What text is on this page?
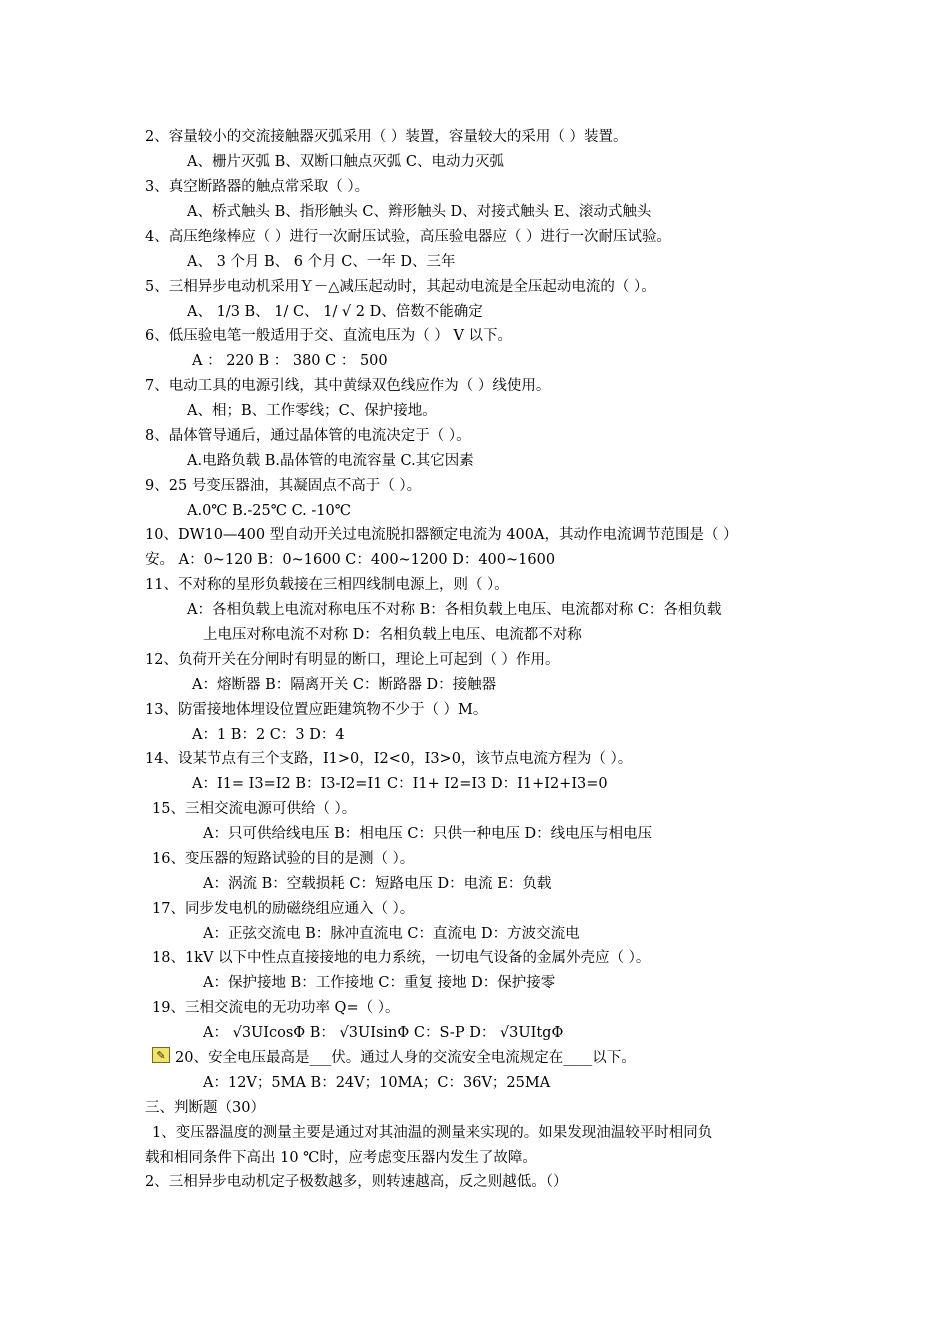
2、容量较小的交流接触器灭弧采用（ ）装置，容量较大的采用（ ）装置。
A、栅片灭弧 B、双断口触点灭弧 C、电动力灭弧
3、真空断路器的触点常采取（ ）。
A、桥式触头 B、指形触头 C、辫形触头 D、对接式触头 E、滚动式触头
4、高压绝缘棒应（ ）进行一次耐压试验，高压验电器应（ ）进行一次耐压试验。
A、 3 个月 B、 6 个月 C、一年 D、三年
5、三相异步电动机采用Ｙ－△减压起动时，其起动电流是全压起动电流的（ ）。
A、 1/3 B、 1/ C、 1/ √ 2 D、倍数不能确定
6、低压验电笔一般适用于交、直流电压为（ ） V 以下。
A ： 220 B ： 380 C ： 500
7、电动工具的电源引线，其中黄绿双色线应作为（ ）线使用。
A、相；B、工作零线；C、保护接地。
8、晶体管导通后，通过晶体管的电流决定于（ ）。
A.电路负载 B.晶体管的电流容量 C.其它因素
9、25 号变压器油，其凝固点不高于（ ）。
A.0℃ B.-25℃ C. -10℃
10、DW10—400 型自动开关过电流脱扣器额定电流为 400A，其动作电流调节范围是（ ）
安。 A：0~120 B：0~1600 C：400~1200 D：400~1600
11、不对称的星形负载接在三相四线制电源上，则（ ）。
A：各相负载上电流对称电压不对称 B：各相负载上电压、电流都对称 C：各相负载
上电压对称电流不对称 D：名相负载上电压、电流都不对称
12、负荷开关在分闸时有明显的断口，理论上可起到（ ）作用。
A：熔断器 B：隔离开关 C：断路器 D：接触器
13、防雷接地体埋设位置应距建筑物不少于（ ）M。
A：1 B：2 C：3 D：4
14、设某节点有三个支路，I1>0，I2<0，I3>0，该节点电流方程为（ ）。
A：I1= I3=I2 B：I3-I2=I1 C：I1+ I2=I3 D：I1+I2+I3=0
15、三相交流电源可供给（ ）。
A：只可供给线电压 B：相电压 C：只供一种电压 D：线电压与相电压
16、变压器的短路试验的目的是测（ ）。
A：涡流 B：空载损耗 C：短路电压 D：电流 E：负载
17、同步发电机的励磁绕组应通入（ ）。
A：正弦交流电 B：脉冲直流电 C：直流电 D：方波交流电
18、1kV 以下中性点直接接地的电力系统，一切电气设备的金属外壳应（ ）。
A：保护接地 B：工作接地 C：重复 接地 D：保护接零
19、三相交流电的无功功率 Q=（ ）。
A： √3UIcosΦ B： √3UIsinΦ C：S-P D： √3UItgΦ
✎ 20、安全电压最高是___伏。通过人身的交流安全电流规定在____以下。
A：12V；5MA B：24V；10MA；C：36V；25MA
三、判断题（30）
1、变压器温度的测量主要是通过对其油温的测量来实现的。如果发现油温较平时相同负
载和相同条件下高出 10 ℃时，应考虑变压器内发生了故障。
2、三相异步电动机定子极数越多，则转速越高，反之则越低。（）
